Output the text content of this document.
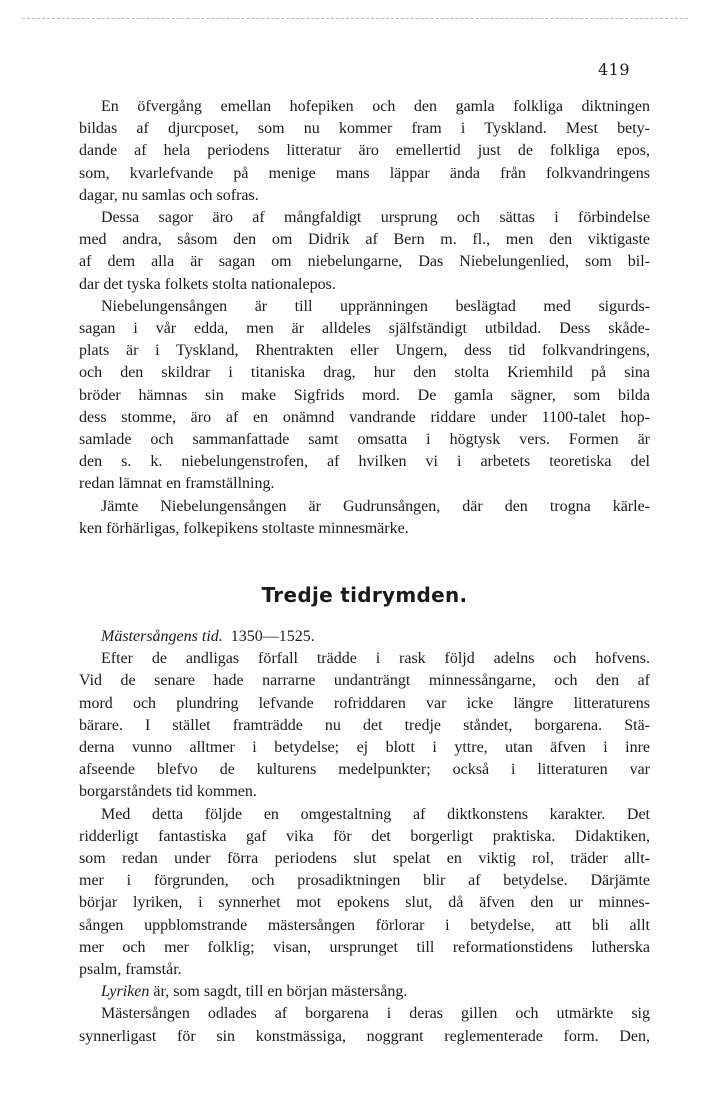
419
En öfvergång emellan hofepiken och den gamla folkliga diktningen
bildas af djurcposet, som nu kommer fram i Tyskland. Mest bety-
dande af hela periodens litteratur äro emellertid just de folkliga epos,
som, kvarlefvande på menige mans läppar ända från folkvandringens
dagar, nu samlas och sofras.
Dessa sagor äro af mångfaldigt ursprung och sättas i förbindelse
med andra, såsom den om Didrik af Bern m. fl., men den viktigaste
af dem alla är sagan om niebelungarne, Das Niebelungenlied, som bil-
dar det tyska folkets stolta nationalepos.
Niebelungensången är till uppränningen beslägtad med sigurds-
sagan i vår edda, men är alldeles själfständigt utbildad. Dess skåde-
plats är i Tyskland, Rhentrakten eller Ungern, dess tid folkvandringens,
och den skildrar i titaniska drag, hur den stolta Kriemhild på sina
bröder hämnas sin make Sigfrids mord. De gamla sägner, som bilda
dess stomme, äro af en onämnd vandrande riddare under 1100-talet hop-
samlade och sammanfattade samt omsatta i högtysk vers. Formen är
den s. k. niebelungenstrofen, af hvilken vi i arbetets teoretiska del
redan lämnat en framställning.
Jämte Niebelungensången är Gudrunsången, där den trogna kärle-
ken förhärligas, folkepikens stoltaste minnesmärke.
Tredje tidrymden.
Mästersångens tid. 1350—1525.
Efter de andligas förfall trädde i rask följd adelns och hofvens.
Vid de senare hade narrarne undanträngt minnessångarne, och den af
mord och plundring lefvande rofriddaren var icke längre litteraturens
bärare. I stället framträdde nu det tredje ståndet, borgarena. Stä-
derna vunno alltmer i betydelse; ej blott i yttre, utan äfven i inre
afseende blefvo de kulturens medelpunkter; också i litteraturen var
borgarståndets tid kommen.
Med detta följde en omgestaltning af diktkonstens karakter. Det
ridderligt fantastiska gaf vika för det borgerligt praktiska. Didaktiken,
som redan under förra periodens slut spelat en viktig rol, träder allt-
mer i förgrunden, och prosadiktningen blir af betydelse. Därjämte
börjar lyriken, i synnerhet mot epokens slut, då äfven den ur minnes-
sången uppblomstrande mästersången förlorar i betydelse, att bli allt
mer och mer folklig; visan, ursprunget till reformationstidens lutherska
psalm, framstår.
Lyriken är, som sagdt, till en början mästersång.
Mästersången odlades af borgarena i deras gillen och utmärkte sig
synnerligast för sin konstmässiga, noggrant reglementerade form. Den,
